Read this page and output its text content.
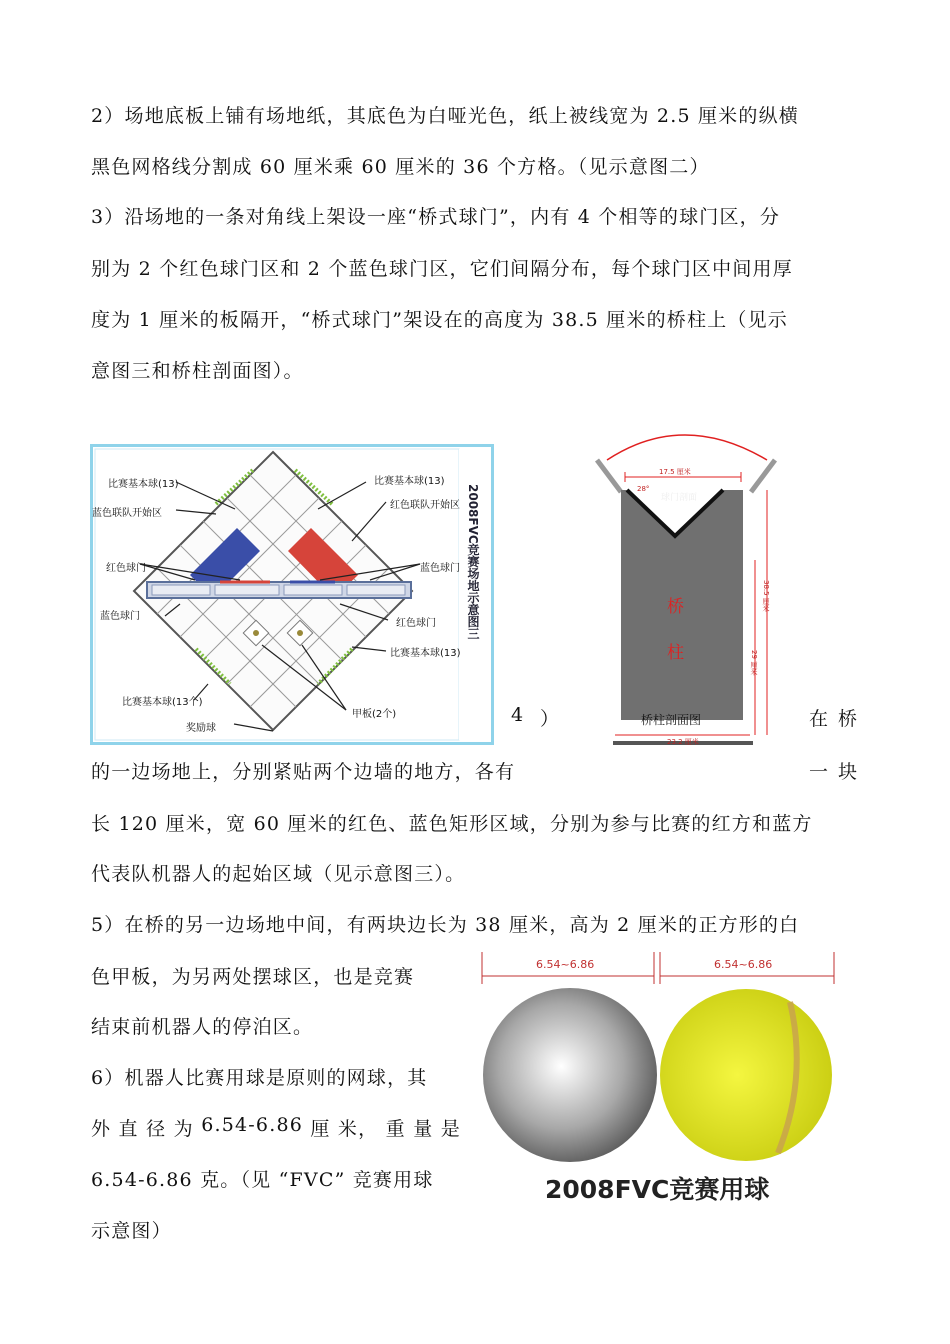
2）场地底板上铺有场地纸，其底色为白哑光色，纸上被线宽为 2.5 厘米的纵横
黑色网格线分割成 60 厘米乘 60 厘米的 36 个方格。（见示意图二）
3）沿场地的一条对角线上架设一座“桥式球门”，内有 4 个相等的球门区，分
别为 2 个红色球门区和 2 个蓝色球门区，它们间隔分布，每个球门区中间用厚
度为 1 厘米的板隔开，“桥式球门”架设在的高度为 38.5 厘米的桥柱上（见示
意图三和桥柱剖面图）。
比赛基本球(13)
蓝色联队开始区
红色球门
蓝色球门
比赛基本球(13个)
奖励球
比赛基本球(13)
红色联队开始区
蓝色球门
红色球门
比赛基本球(13)
甲板(2个)
2008FVC竞赛场地示意图三
4 ）
17.5 厘米
28°
球门剖面
90 °
38.5 厘米
29 厘米
桥
柱
桥柱剖面图
23.2 厘米
在 桥
的一边场地上，分别紧贴两个边墙的地方，各有	一 块
长 120 厘米，宽 60 厘米的红色、蓝色矩形区域，分别为参与比赛的红方和蓝方
代表队机器人的起始区域（见示意图三）。
5）在桥的另一边场地中间，有两块边长为 38 厘米，高为 2 厘米的正方形的白
色甲板，为另两处摆球区，也是竞赛
结束前机器人的停泊区。
6）机器人比赛用球是原则的网球，其
外 直 径 为 6.54-6.86 厘 米， 重 量 是
6.54-6.86 克。（见 “FVC” 竞赛用球
示意图）
6.54~6.86	6.54~6.86
2008FVC竞赛用球
